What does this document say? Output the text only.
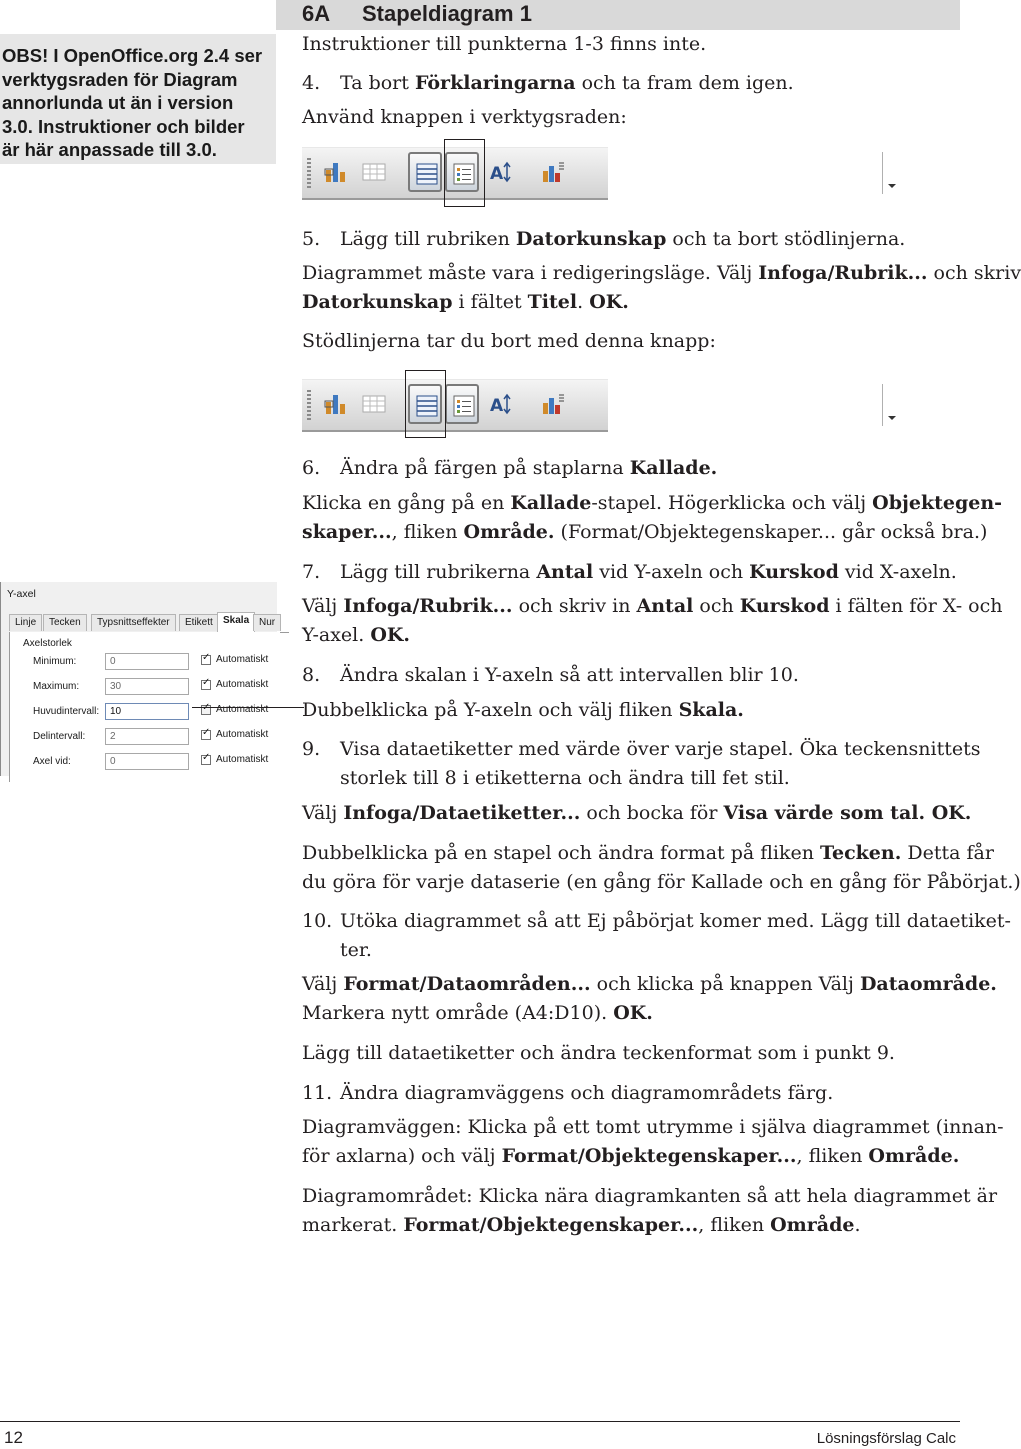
OBS! I OpenOffice.org 2.4 ser
verktygsraden för Diagram
annorlunda ut än i version
3.0. Instruktioner och bilder
är här anpassade till 3.0.
6A Stapeldiagram 1
Instruktioner till punkterna 1-3 finns inte.
4. Ta bort Förklaringarna och ta fram dem igen.
Använd knappen i verktygsraden:
A
5. Lägg till rubriken Datorkunskap och ta bort stödlinjerna.
Diagrammet måste vara i redigeringsläge. Välj Infoga/Rubrik... och skriv
Datorkunskap i fältet Titel. OK.
Stödlinjerna tar du bort med denna knapp:
A
6. Ändra på färgen på staplarna Kallade.
Klicka en gång på en Kallade-stapel. Högerklicka och välj Objektegen-
skaper..., fliken Område. (Format/Objektegenskaper... går också bra.)
7. Lägg till rubrikerna Antal vid Y-axeln och Kurskod vid X-axeln.
Välj Infoga/Rubrik... och skriv in Antal och Kurskod i fälten för X- och
Y-axel. OK.
8. Ändra skalan i Y-axeln så att intervallen blir 10.
Dubbelklicka på Y-axeln och välj fliken Skala.
Y-axel
Linje	Tecken	Typsnittseffekter	Etikett	Skala Nur
Axelstorlek
Minimum:	0 ✓	Automatiskt
Maximum:	30 ✓	Automatiskt
Huvudintervall:	10 ✓	Automatiskt
Delintervall:	2 ✓	Automatiskt
Axel vid:	0 ✓	Automatiskt 9. Visa dataetiketter med värde över varje stapel. Öka teckensnittets
storlek till 8 i etiketterna och ändra till fet stil.
Välj Infoga/Dataetiketter... och bocka för Visa värde som tal. OK.
Dubbelklicka på en stapel och ändra format på fliken Tecken. Detta får
du göra för varje dataserie (en gång för Kallade och en gång för Påbörjat.)
10. Utöka diagrammet så att Ej påbörjat komer med. Lägg till dataetiket-
ter.
Välj Format/Dataområden... och klicka på knappen Välj Dataområde.
Markera nytt område (A4:D10). OK.
Lägg till dataetiketter och ändra teckenformat som i punkt 9.
11. Ändra diagramväggens och diagramområdets färg.
Diagramväggen: Klicka på ett tomt utrymme i själva diagrammet (innan-
för axlarna) och välj Format/Objektegenskaper..., fliken Område.
Diagramområdet: Klicka nära diagramkanten så att hela diagrammet är
markerat. Format/Objektegenskaper..., fliken Område.
12	Lösningsförslag Calc
